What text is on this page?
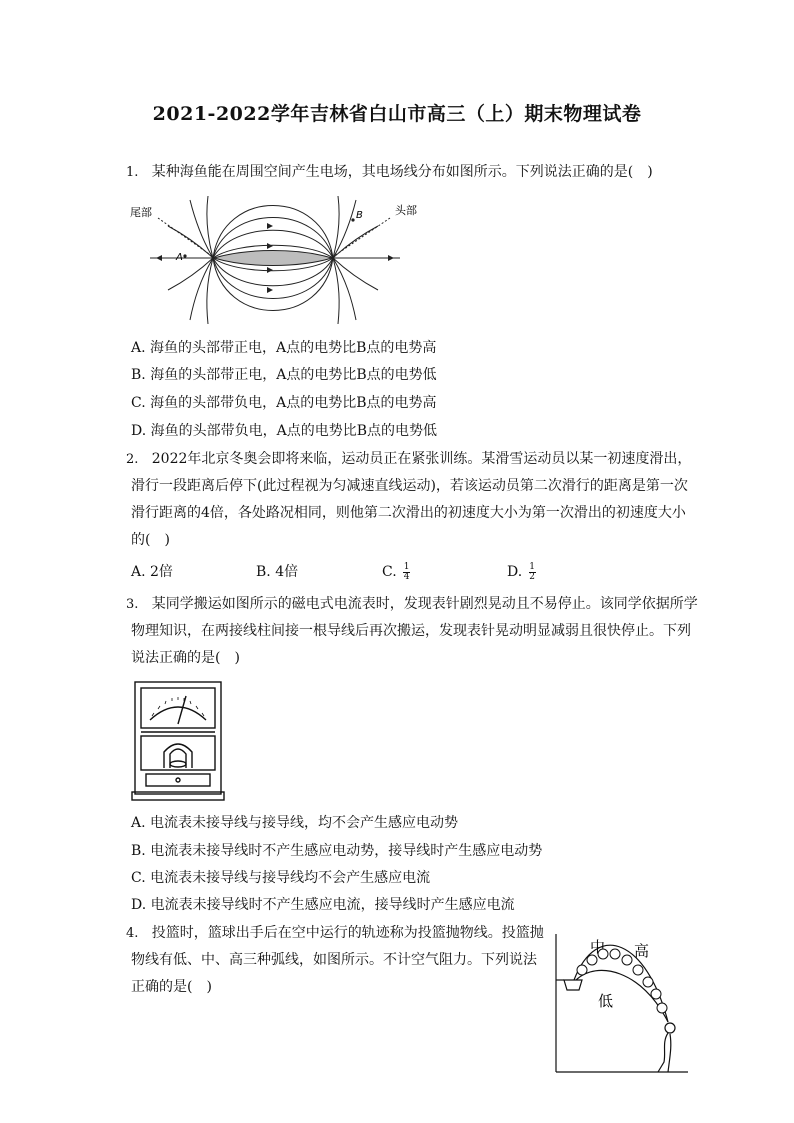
2021-2022学年吉林省白山市高三（上）期末物理试卷
1. 某种海鱼能在周围空间产生电场，其电场线分布如图所示。下列说法正确的是(　)
尾部	头部
A
B
A. 海鱼的头部带正电，A点的电势比B点的电势高
B. 海鱼的头部带正电，A点的电势比B点的电势低
C. 海鱼的头部带负电，A点的电势比B点的电势高
D. 海鱼的头部带负电，A点的电势比B点的电势低
2. 2022年北京冬奥会即将来临，运动员正在紧张训练。某滑雪运动员以某一初速度滑出，
滑行一段距离后停下(此过程视为匀减速直线运动)，若该运动员第二次滑行的距离是第一次
滑行距离的4倍，各处路况相同，则他第二次滑出的初速度大小为第一次滑出的初速度大小
的(　)
A. 2倍	B. 4倍	C. $\frac{1}{4}$	D. $\frac{1}{2}$
3. 某同学搬运如图所示的磁电式电流表时，发现表针剧烈晃动且不易停止。该同学依据所学
物理知识，在两接线柱间接一根导线后再次搬运，发现表针晃动明显减弱且很快停止。下列
说法正确的是(　)
A. 电流表未接导线与接导线，均不会产生感应电动势
B. 电流表未接导线时不产生感应电动势，接导线时产生感应电动势
C. 电流表未接导线与接导线均不会产生感应电流
D. 电流表未接导线时不产生感应电流，接导线时产生感应电流
4. 投篮时，篮球出手后在空中运行的轨迹称为投篮抛物线。投篮抛
物线有低、中、高三种弧线，如图所示。不计空气阻力。下列说法
正确的是(　)
中 高
低
